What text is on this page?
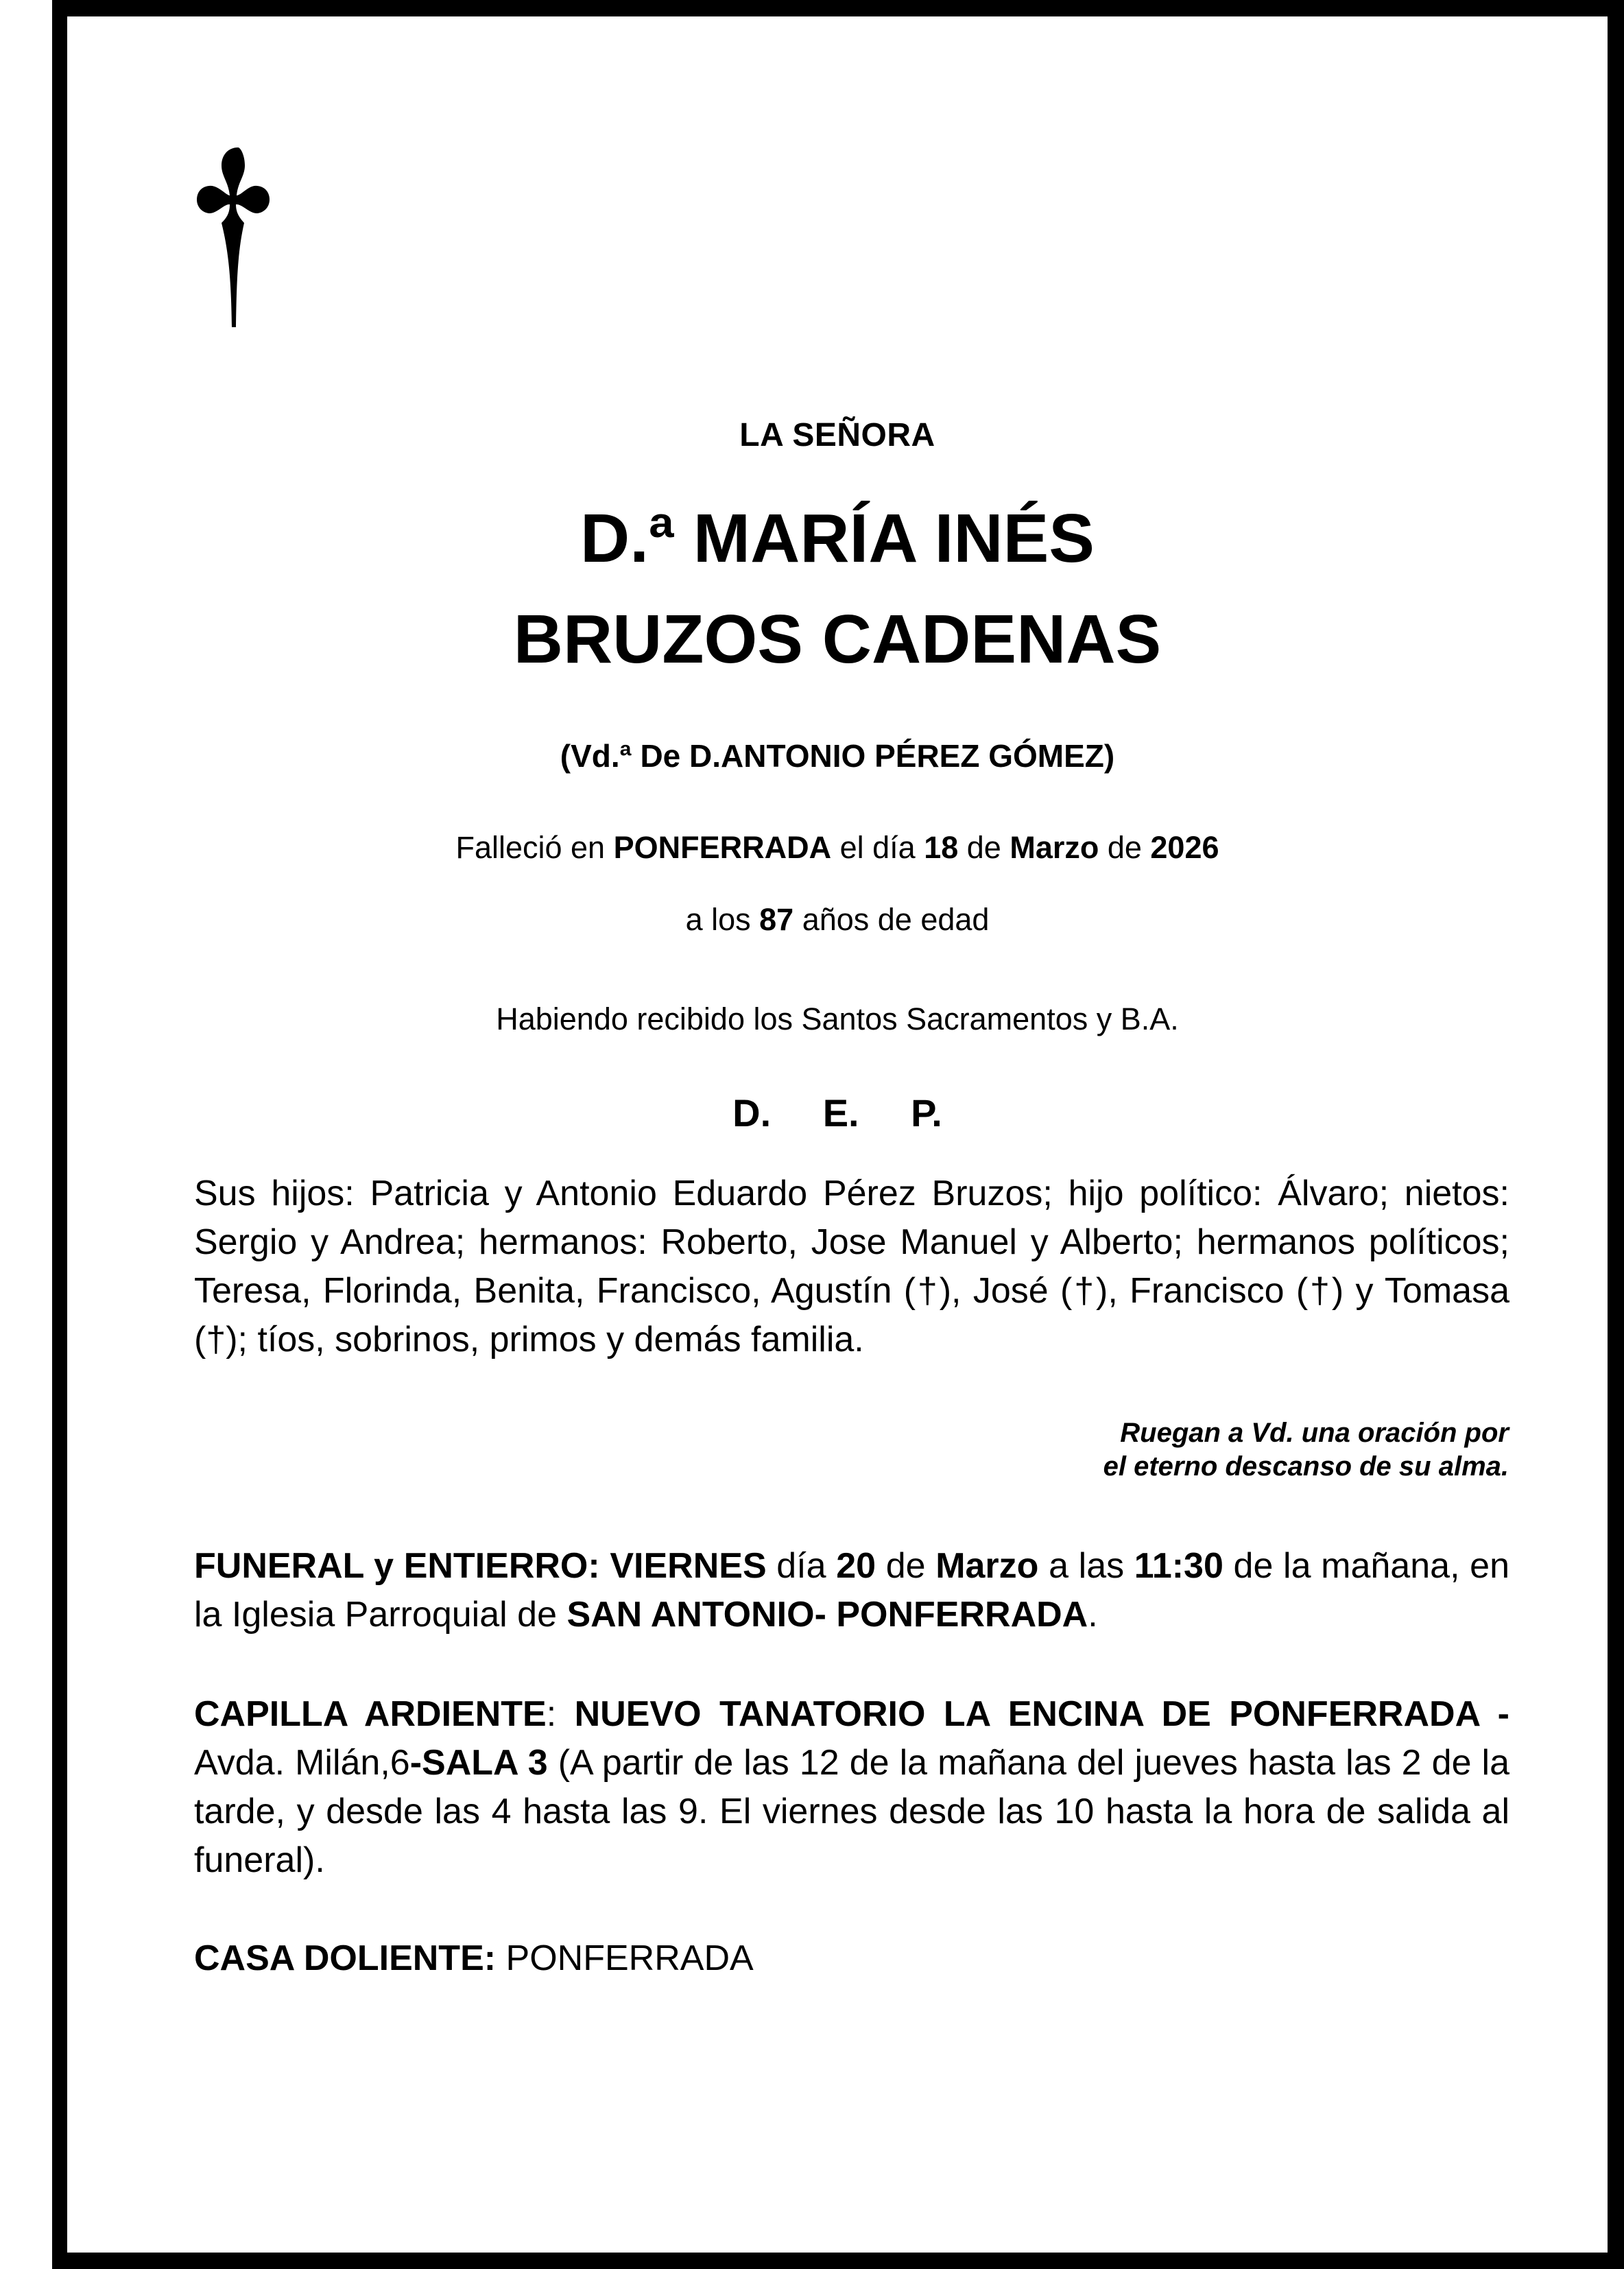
LA SEÑORA
D.ª MARÍA INÉS
BRUZOS CADENAS
(Vd.ª De D.ANTONIO PÉREZ GÓMEZ)
Falleció en PONFERRADA el día 18 de Marzo de 2026
a los 87 años de edad
Habiendo recibido los Santos Sacramentos y B.A.
D. E. P.
Sus hijos: Patricia y Antonio Eduardo Pérez Bruzos; hijo político: Álvaro; nietos: Sergio y Andrea; hermanos: Roberto, Jose Manuel y Alberto; hermanos políticos; Teresa, Florinda, Benita, Francisco, Agustín (†), José (†), Francisco (†) y Tomasa (†); tíos, sobrinos, primos y demás familia.
Ruegan a Vd. una oración por
el eterno descanso de su alma.
FUNERAL y ENTIERRO: VIERNES día 20 de Marzo a las 11:30 de la mañana, en la Iglesia Parroquial de SAN ANTONIO- PONFERRADA.
CAPILLA ARDIENTE: NUEVO TANATORIO LA ENCINA DE PONFERRADA - Avda. Milán,6-SALA 3 (A partir de las 12 de la mañana del jueves hasta las 2 de la tarde, y desde las 4 hasta las 9. El viernes desde las 10 hasta la hora de salida al funeral).
CASA DOLIENTE: PONFERRADA
